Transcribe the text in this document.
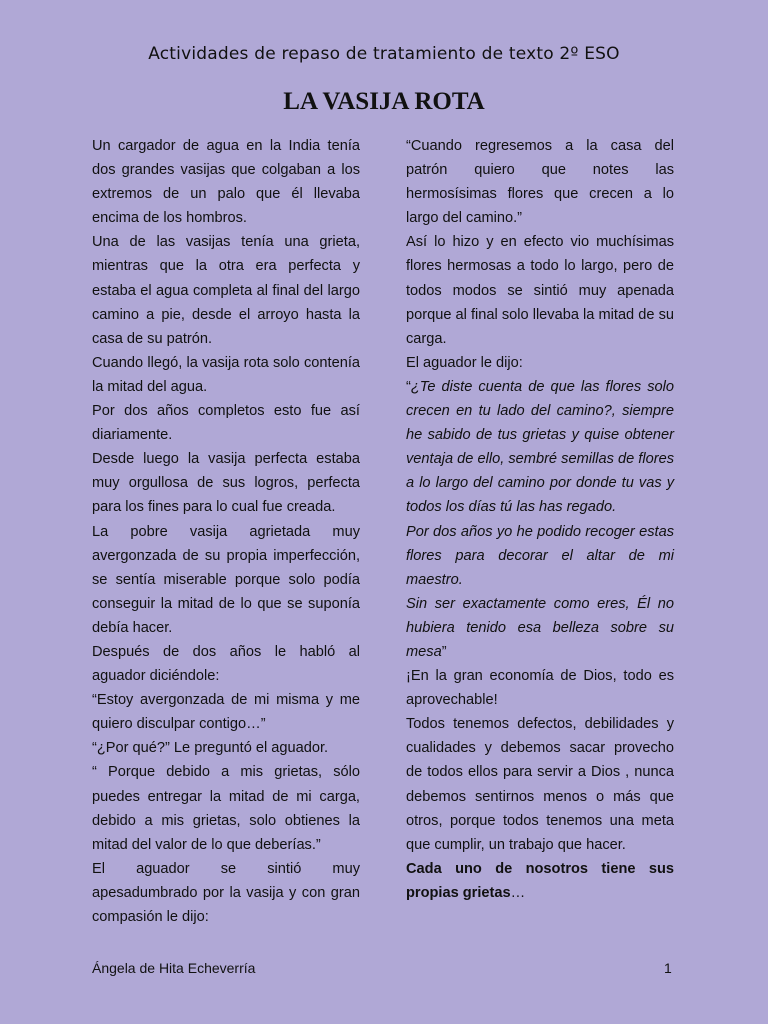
Actividades de repaso de tratamiento de texto 2º ESO
LA VASIJA ROTA

Un cargador de agua en la India tenía dos grandes vasijas que colgaban a los extremos de un palo que él llevaba encima de los hombros.

Una de las vasijas tenía una grieta, mientras que la otra era perfecta y estaba el agua completa al final del largo camino a pie, desde el arroyo hasta la casa de su patrón.

Cuando llegó, la vasija rota solo contenía la mitad del agua.

Por dos años completos esto fue así diariamente.

Desde luego la vasija perfecta estaba muy orgullosa de sus logros, perfecta para los fines para lo cual fue creada.

La pobre vasija agrietada muy avergonzada de su propia imperfección, se sentía miserable porque solo podía conseguir la mitad de lo que se suponía debía hacer.

Después de dos años le habló al aguador diciéndole:

“Estoy avergonzada de mi misma y me quiero disculpar contigo…”

“¿Por qué?” Le preguntó el aguador.

“ Porque debido a mis grietas, sólo puedes entregar la mitad de mi carga, debido a mis grietas, solo obtienes la mitad del valor de lo que deberías.”

El aguador se sintió muy apesadumbrado por la vasija y con gran compasión le dijo:

“Cuando regresemos a la casa del patrón quiero que notes las hermosísimas flores que crecen a lo largo del camino.”

Así lo hizo y en efecto vio muchísimas flores hermosas a todo lo largo, pero de todos modos se sintió muy apenada porque al final solo llevaba la mitad de su carga.

El aguador le dijo:

“¿Te diste cuenta de que las flores solo crecen en tu lado del camino?, siempre he sabido de tus grietas y quise obtener ventaja de ello, sembré semillas de flores a lo largo del camino por donde tu vas y todos los días tú las has regado.

Por dos años yo he podido recoger estas flores para decorar el altar de mi maestro.

Sin ser exactamente como eres, Él no hubiera tenido esa belleza sobre su mesa”

¡En la gran economía de Dios, todo es aprovechable!

Todos tenemos defectos, debilidades y cualidades y debemos sacar provecho de todos ellos para servir a Dios , nunca debemos sentirnos menos o más que otros, porque todos tenemos una meta que cumplir, un trabajo que hacer.

Cada uno de nosotros tiene sus propias grietas…

Ángela de Hita Echeverría	1
